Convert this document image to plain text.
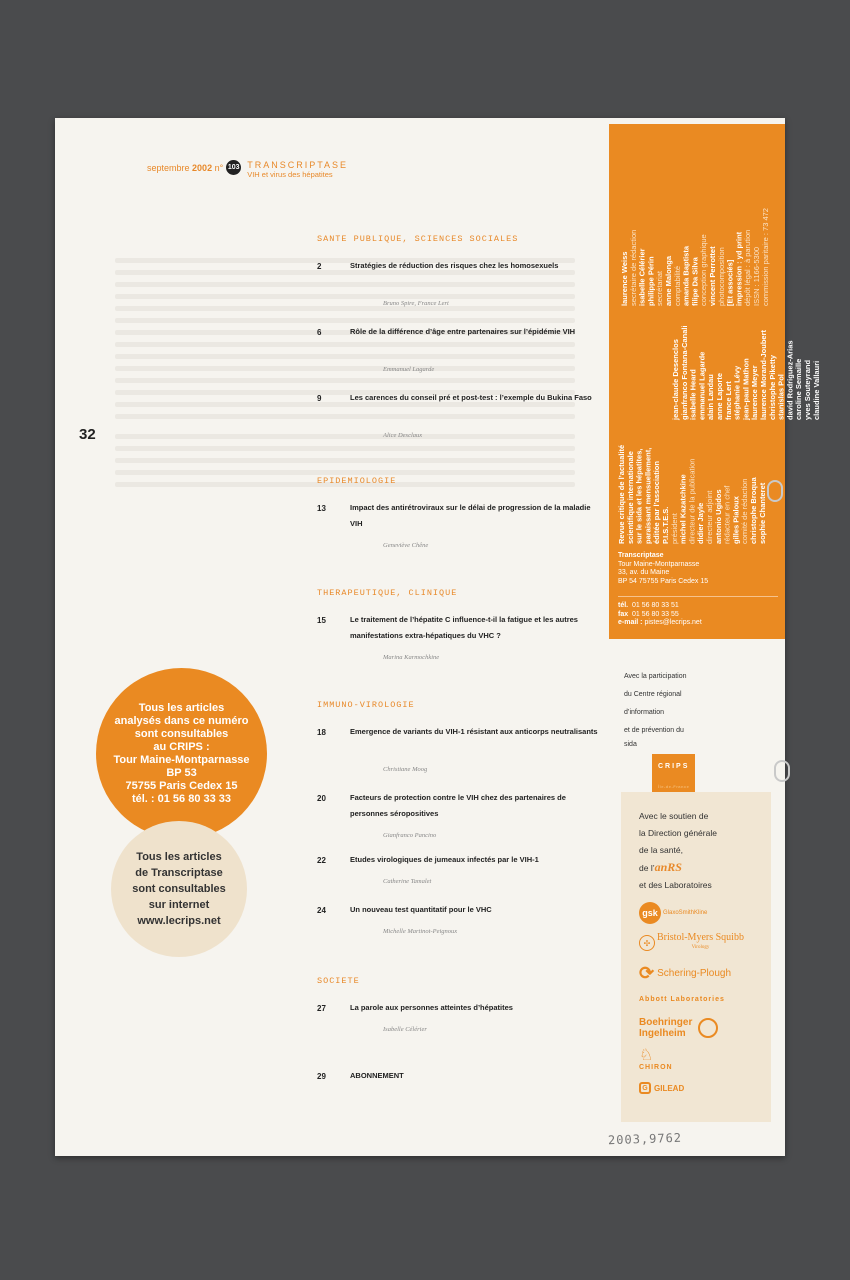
septembre 2002 n° 103 TRANSCRIPTASE
VIH et virus des hépatites
32
SANTE PUBLIQUE, SCIENCES SOCIALES
2	Stratégies de réduction des risques chez les homosexuels
Bruno Spire, France Lert
6	Rôle de la différence d’âge entre partenaires sur l’épidémie VIH
Emmanuel Lagarde
9	Les carences du conseil pré et post-test : l’exemple du Bukina Faso
Alice Desclaux
EPIDEMIOLOGIE
13	Impact des antirétroviraux sur le délai de progression de la maladie VIH
Geneviève Chêne
THERAPEUTIQUE, CLINIQUE
15	Le traitement de l’hépatite C influence-t-il la fatigue et les autres manifestations extra-hépatiques du VHC ?
Marina Karmochkine
IMMUNO-VIROLOGIE
18	Emergence de variants du VIH-1 résistant aux anticorps neutralisants
Christiane Moog
20	Facteurs de protection contre le VIH chez des partenaires de personnes séropositives
Gianfranco Pancino
22	Etudes virologiques de jumeaux infectés par le VIH-1
Catherine Tamalet
24	Un nouveau test quantitatif pour le VHC
Michelle Martinot-Peignoux
SOCIETE
27	La parole aux personnes atteintes d’hépatites
Isabelle Célérier
29	ABONNEMENT
Tous les articles
analysés dans ce numéro
sont consultables
au CRIPS :
Tour Maine-Montparnasse
BP 53
75755 Paris Cedex 15
tél. : 01 56 80 33 33
Tous les articles
de Transcriptase
sont consultables
sur internet
www.lecrips.net
Revue critique de l’actualité scientifique internationale sur le sida et les hépatites, paraissant mensuellement, éditée par l’association P.I.S.T.E.S. président michel Kazatchkine directeur de la publication didier Jayle directeur adjoint antonio Ugidos rédacteur en chef gilles Pialoux comité de rédaction christophe Broqua sophie Chanteret
jean-claude Desenclos gianfranco Fontana-Canali isabelle Heard emmanuel Lagarde alain Landau anne Laporte france Lert stéphanie Lévy jean-paul Mathon laurence Meyer laurence Morand-Joubert christophe Piketty stanislas Pol david Rodriguez-Arias caroline Semaille yves Souteyrand claudine Vallauri
laurence Weiss secrétaire de rédaction isabelle Célérier philippe Périn secrétariat anne Malonga comptabilité amanda Baptista filipe Da Silva conception graphique vincent Perrottet photocomposition [Et associés] impression : yd print dépôt légal : à parution ISSN : 1166-5300 commission paritaire : 73 472
Transcriptase
Tour Maine-Montparnasse
33, av. du Maine
BP 54 75755 Paris Cedex 15
tél. 01 56 80 33 51
fax 01 56 80 33 55
e-mail : pistes@lecrips.net
Avec la participation
du Centre régional
d’information
et de prévention du
sida
CRIPS
Île-de-France
Avec le soutien de
la Direction générale
de la santé,
de l’anRS
et des Laboratoires
gsk GlaxoSmithKline
✣ Bristol-Myers Squibb
Virology
⟳ Schering-Plough
Abbott Laboratories
Boehringer
Ingelheim
♘
CHIRON
G GILEAD
2003,9762
